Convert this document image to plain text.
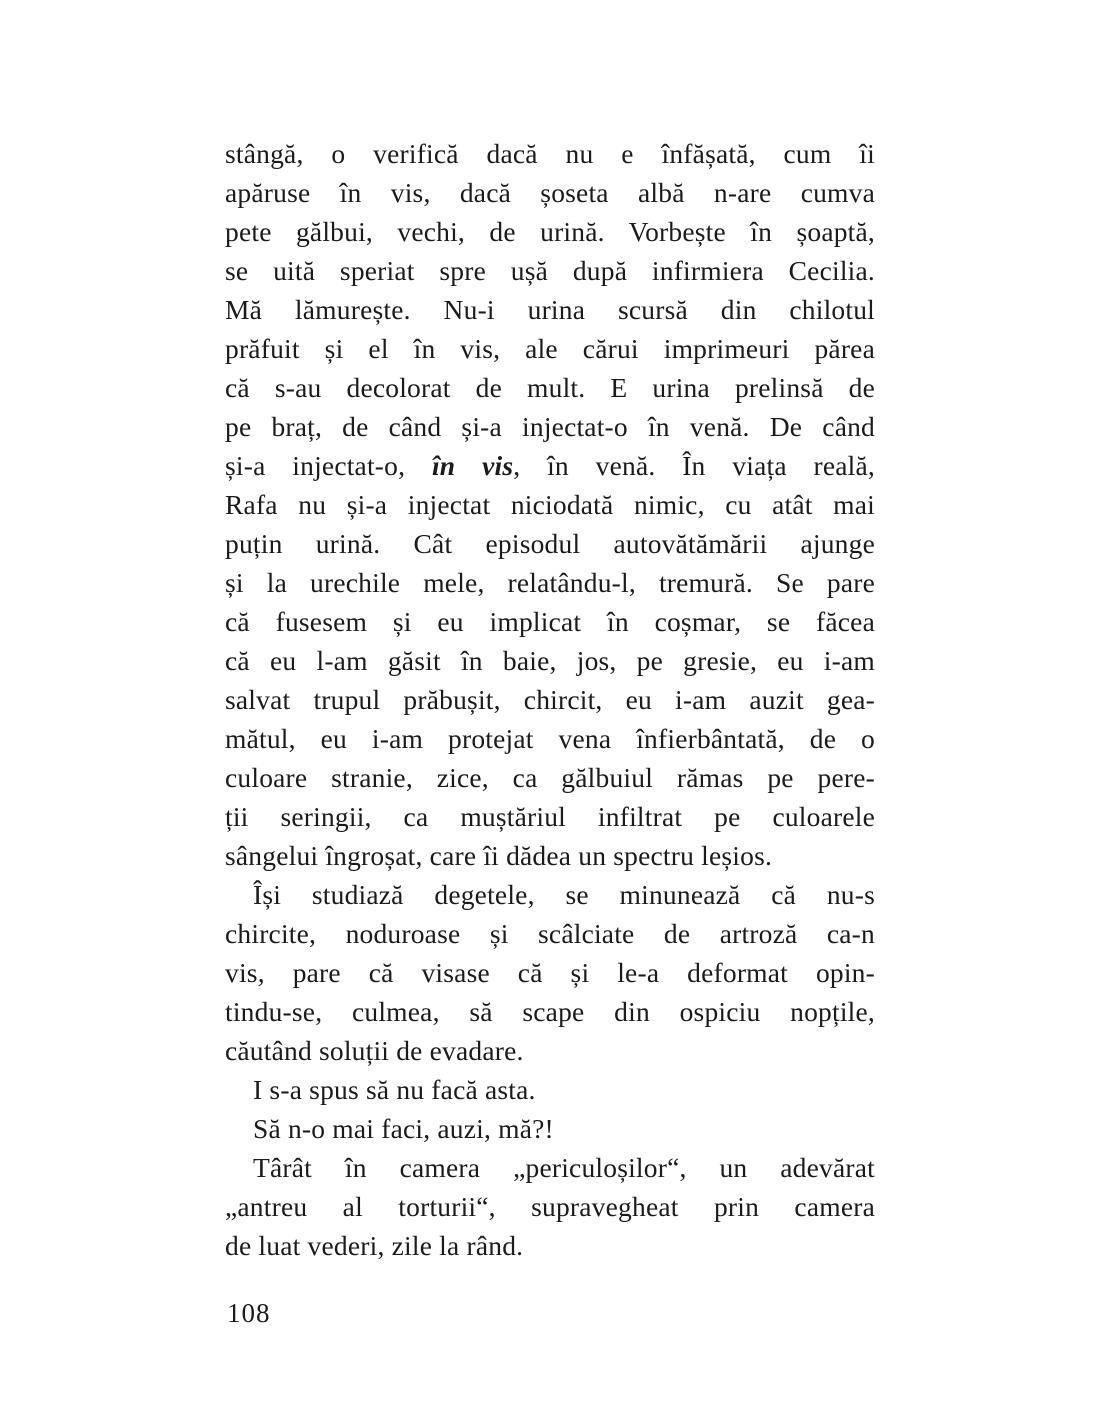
stângă, o verifică dacă nu e înfășată, cum îi
apăruse în vis, dacă șoseta albă n-are cumva
pete gălbui, vechi, de urină. Vorbește în șoaptă,
se uită speriat spre ușă după infirmiera Cecilia.
Mă lămurește. Nu-i urina scursă din chilotul
prăfuit și el în vis, ale cărui imprimeuri părea
că s-au decolorat de mult. E urina prelinsă de
pe braț, de când și-a injectat-o în venă. De când
și-a injectat-o, în vis, în venă. În viața reală,
Rafa nu și-a injectat niciodată nimic, cu atât mai
puțin urină. Cât episodul autovătămării ajunge
și la urechile mele, relatându-l, tremură. Se pare
că fusesem și eu implicat în coșmar, se făcea
că eu l-am găsit în baie, jos, pe gresie, eu i-am
salvat trupul prăbușit, chircit, eu i-am auzit gea-
mătul, eu i-am protejat vena înfierbântată, de o
culoare stranie, zice, ca gălbuiul rămas pe pere-
ții seringii, ca muștăriul infiltrat pe culoarele
sângelui îngroșat, care îi dădea un spectru leșios.
Își studiază degetele, se minunează că nu-s
chircite, noduroase și scâlciate de artroză ca-n
vis, pare că visase că și le-a deformat opin-
tindu-se, culmea, să scape din ospiciu nopțile,
căutând soluții de evadare.
I s-a spus să nu facă asta.
Să n-o mai faci, auzi, mă?!
Târât în camera „periculoșilor“, un adevărat
„antreu al torturii“, supravegheat prin camera
de luat vederi, zile la rând.
108
